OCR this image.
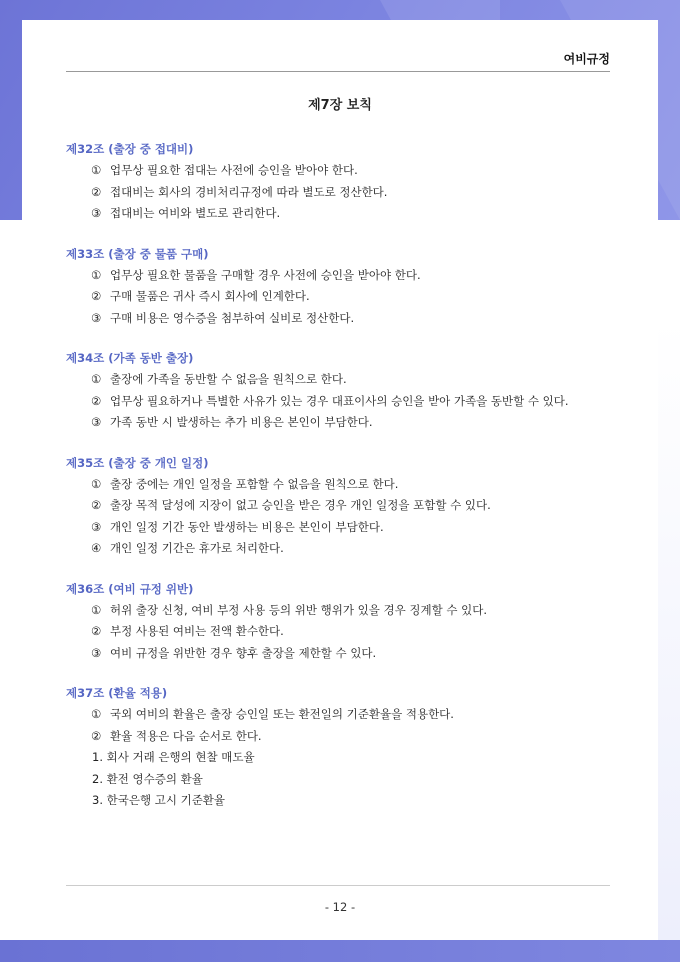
여비규정
제7장 보칙
제32조 (출장 중 접대비)
① 업무상 필요한 접대는 사전에 승인을 받아야 한다.
② 접대비는 회사의 경비처리규정에 따라 별도로 정산한다.
③ 접대비는 여비와 별도로 관리한다.
제33조 (출장 중 물품 구매)
① 업무상 필요한 물품을 구매할 경우 사전에 승인을 받아야 한다.
② 구매 물품은 귀사 즉시 회사에 인계한다.
③ 구매 비용은 영수증을 첨부하여 실비로 정산한다.
제34조 (가족 동반 출장)
① 출장에 가족을 동반할 수 없음을 원칙으로 한다.
② 업무상 필요하거나 특별한 사유가 있는 경우 대표이사의 승인을 받아 가족을 동반할 수 있다.
③ 가족 동반 시 발생하는 추가 비용은 본인이 부담한다.
제35조 (출장 중 개인 일정)
① 출장 중에는 개인 일정을 포함할 수 없음을 원칙으로 한다.
② 출장 목적 달성에 지장이 없고 승인을 받은 경우 개인 일정을 포함할 수 있다.
③ 개인 일정 기간 동안 발생하는 비용은 본인이 부담한다.
④ 개인 일정 기간은 휴가로 처리한다.
제36조 (여비 규정 위반)
① 허위 출장 신청, 여비 부정 사용 등의 위반 행위가 있을 경우 징계할 수 있다.
② 부정 사용된 여비는 전액 환수한다.
③ 여비 규정을 위반한 경우 향후 출장을 제한할 수 있다.
제37조 (환율 적용)
① 국외 여비의 환율은 출장 승인일 또는 환전일의 기준환율을 적용한다.
② 환율 적용은 다음 순서로 한다.
1. 회사 거래 은행의 현찰 매도율
2. 환전 영수증의 환율
3. 한국은행 고시 기준환율
- 12 -
